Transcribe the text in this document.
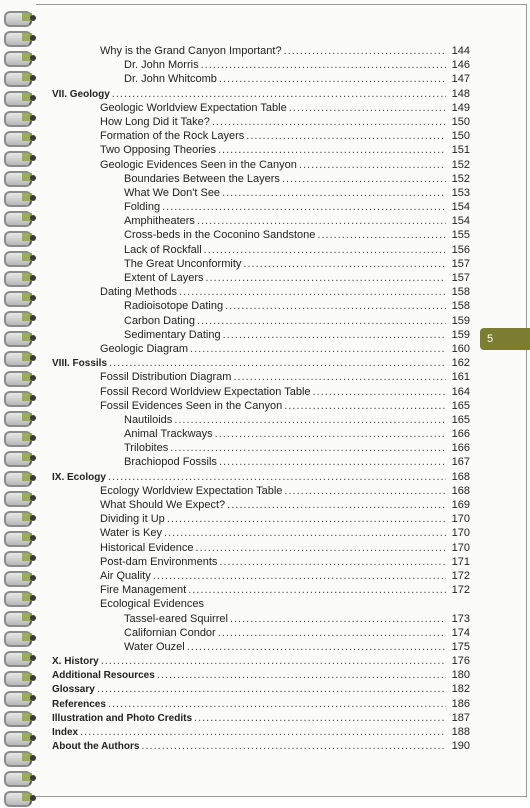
Why is the Grand Canyon Important? .....	144
Dr. John Morris .....	146
Dr. John Whitcomb .....	147
VII. Geology .....	148
Geologic Worldview Expectation Table .....	149
How Long Did it Take? .....	150
Formation of the Rock Layers .....	150
Two Opposing Theories .....	151
Geologic Evidences Seen in the Canyon .....	152
Boundaries Between the Layers .....	152
What We Don't See .....	153
Folding .....	154
Amphitheaters .....	154
Cross-beds in the Coconino Sandstone .....	155
Lack of Rockfall .....	156
The Great Unconformity .....	157
Extent of Layers .....	157
Dating Methods .....	158
Radioisotope Dating .....	158
Carbon Dating .....	159
Sedimentary Dating .....	159
Geologic Diagram .....	160
VIII. Fossils .....	162
Fossil Distribution Diagram .....	161
Fossil Record Worldview Expectation Table .....	164
Fossil Evidences Seen in the Canyon .....	165
Nautiloids .....	165
Animal Trackways .....	166
Trilobites .....	166
Brachiopod Fossils .....	167
IX. Ecology .....	168
Ecology Worldview Expectation Table .....	168
What Should We Expect? .....	169
Dividing it Up .....	170
Water is Key .....	170
Historical Evidence .....	170
Post-dam Environments .....	171
Air Quality .....	172
Fire Management .....	172
Ecological Evidences
Tassel-eared Squirrel .....	173
Californian Condor .....	174
Water Ouzel .....	175
X. History .....	176
Additional Resources .....	180
Glossary .....	182
References .....	186
Illustration and Photo Credits .....	187
Index .....	188
About the Authors .....	190
5
